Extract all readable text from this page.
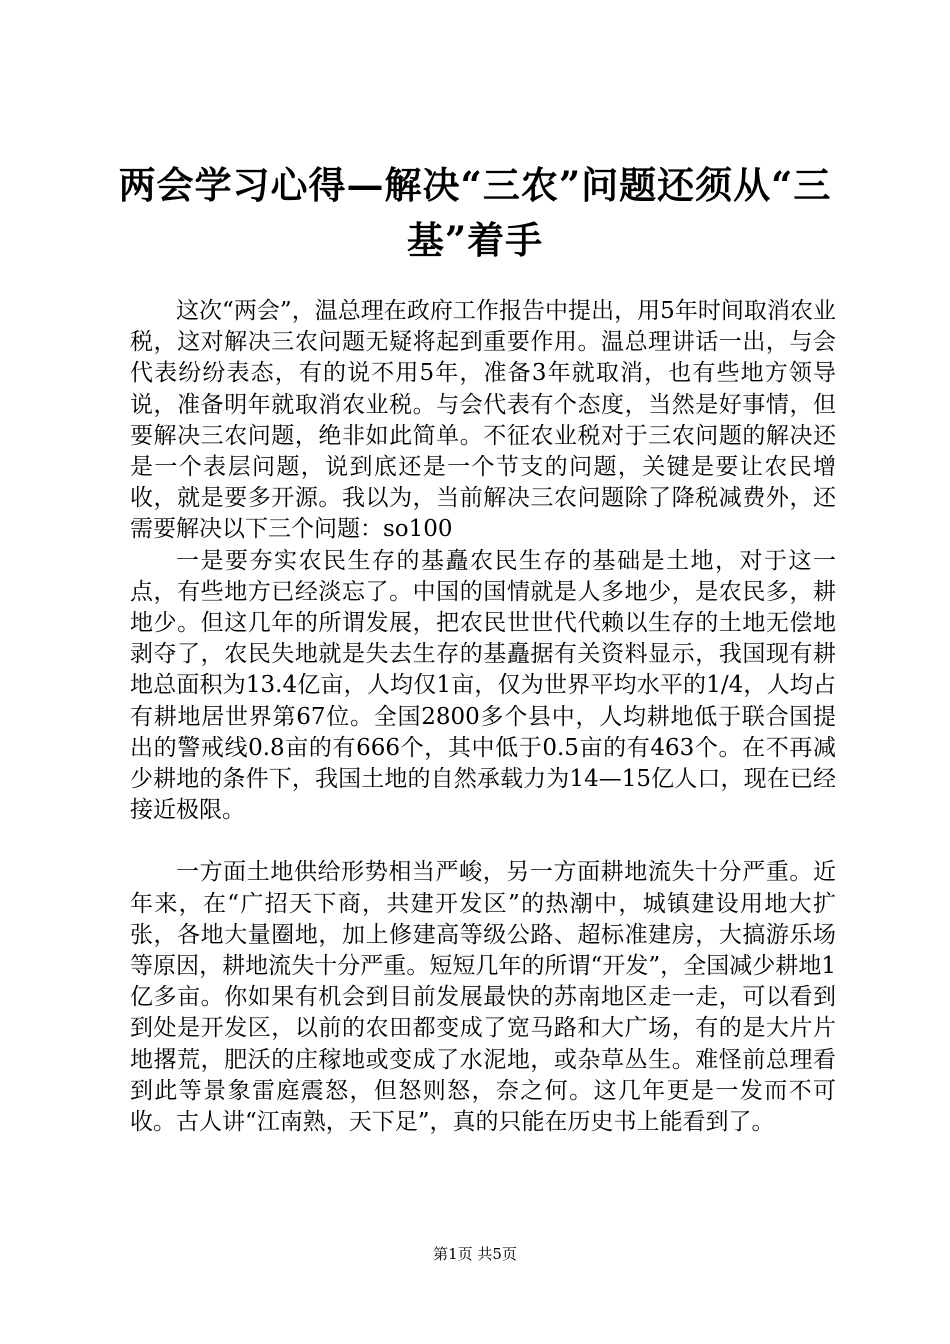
两会学习心得—解决“三农”问题还须从“三基”着手

这次“两会”，温总理在政府工作报告中提出，用5年时间取消农业税，这对解决三农问题无疑将起到重要作用。温总理讲话一出，与会代表纷纷表态，有的说不用5年，准备3年就取消，也有些地方领导说，准备明年就取消农业税。与会代表有个态度，当然是好事情，但要解决三农问题，绝非如此简单。不征农业税对于三农问题的解决还是一个表层问题，说到底还是一个节支的问题，关键是要让农民增收，就是要多开源。我以为，当前解决三农问题除了降税减费外，还需要解决以下三个问题：so100

一是要夯实农民生存的基矗农民生存的基础是土地，对于这一点，有些地方已经淡忘了。中国的国情就是人多地少，是农民多，耕地少。但这几年的所谓发展，把农民世世代代赖以生存的土地无偿地剥夺了，农民失地就是失去生存的基矗据有关资料显示，我国现有耕地总面积为13.4亿亩，人均仅1亩，仅为世界平均水平的1/4，人均占有耕地居世界第67位。全国2800多个县中，人均耕地低于联合国提出的警戒线0.8亩的有666个，其中低于0.5亩的有463个。在不再减少耕地的条件下，我国土地的自然承载力为14—15亿人口，现在已经接近极限。

一方面土地供给形势相当严峻，另一方面耕地流失十分严重。近年来，在“广招天下商，共建开发区”的热潮中，城镇建设用地大扩张，各地大量圈地，加上修建高等级公路、超标准建房，大搞游乐场等原因，耕地流失十分严重。短短几年的所谓“开发”，全国减少耕地1亿多亩。你如果有机会到目前发展最快的苏南地区走一走，可以看到到处是开发区，以前的农田都变成了宽马路和大广场，有的是大片片地撂荒，肥沃的庄稼地或变成了水泥地，或杂草丛生。难怪前总理看到此等景象雷庭震怒，但怒则怒，奈之何。这几年更是一发而不可收。古人讲“江南熟，天下足”，真的只能在历史书上能看到了。

第1页 共5页
